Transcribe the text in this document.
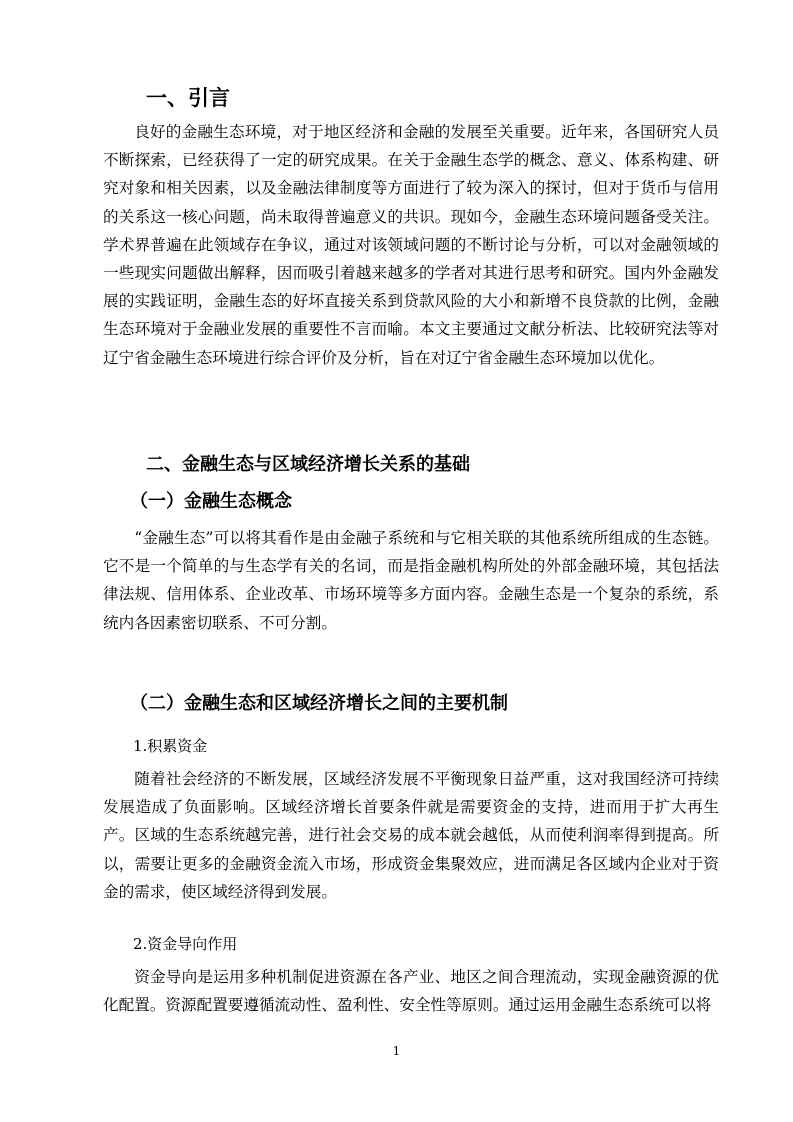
一、引言

良好的金融生态环境，对于地区经济和金融的发展至关重要。近年来，各国研究人员不断探索，已经获得了一定的研究成果。在关于金融生态学的概念、意义、体系构建、研究对象和相关因素，以及金融法律制度等方面进行了较为深入的探讨，但对于货币与信用的关系这一核心问题，尚未取得普遍意义的共识。现如今，金融生态环境问题备受关注。学术界普遍在此领域存在争议，通过对该领域问题的不断讨论与分析，可以对金融领域的一些现实问题做出解释，因而吸引着越来越多的学者对其进行思考和研究。国内外金融发展的实践证明，金融生态的好坏直接关系到贷款风险的大小和新增不良贷款的比例，金融生态环境对于金融业发展的重要性不言而喻。本文主要通过文献分析法、比较研究法等对辽宁省金融生态环境进行综合评价及分析，旨在对辽宁省金融生态环境加以优化。

二、金融生态与区域经济增长关系的基础
（一）金融生态概念

“金融生态”可以将其看作是由金融子系统和与它相关联的其他系统所组成的生态链。它不是一个简单的与生态学有关的名词，而是指金融机构所处的外部金融环境，其包括法律法规、信用体系、企业改革、市场环境等多方面内容。金融生态是一个复杂的系统，系统内各因素密切联系、不可分割。

（二）金融生态和区域经济增长之间的主要机制

1.积累资金

随着社会经济的不断发展，区域经济发展不平衡现象日益严重，这对我国经济可持续发展造成了负面影响。区域经济增长首要条件就是需要资金的支持，进而用于扩大再生产。区域的生态系统越完善，进行社会交易的成本就会越低，从而使利润率得到提高。所以，需要让更多的金融资金流入市场，形成资金集聚效应，进而满足各区域内企业对于资金的需求，使区域经济得到发展。

2.资金导向作用

资金导向是运用多种机制促进资源在各产业、地区之间合理流动，实现金融资源的优化配置。资源配置要遵循流动性、盈利性、安全性等原则。通过运用金融生态系统可以将

1
